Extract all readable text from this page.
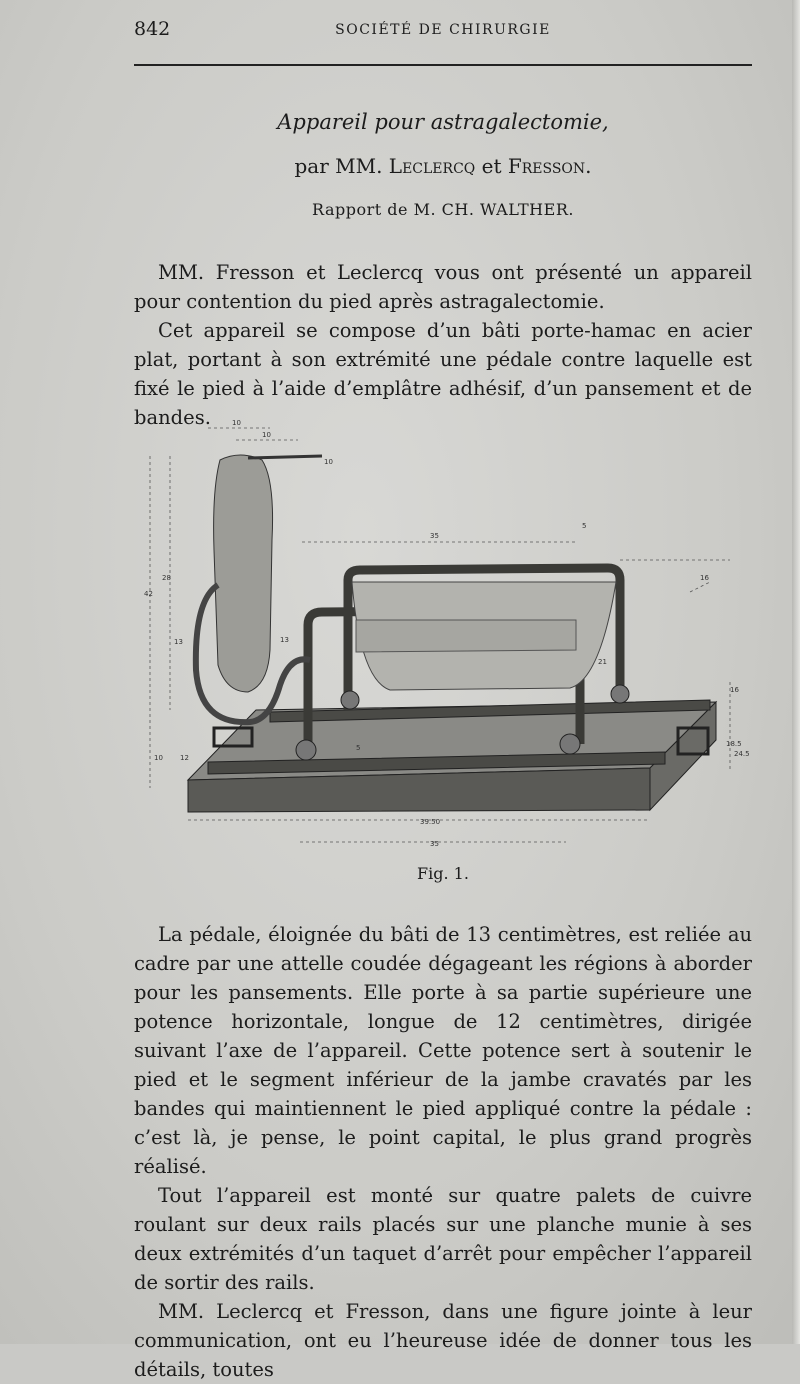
842	SOCIÉTÉ DE CHIRURGIE

Appareil pour astragalectomie,

par MM. Leclercq et Fresson.

Rapport de M. CH. WALTHER.

MM. Fresson et Leclercq vous ont présenté un appareil pour contention du pied après astragalectomie.

Cet appareil se compose d’un bâti porte-hamac en acier plat, portant à son extrémité une pédale contre laquelle est fixé le pied à l’aide d’emplâtre adhésif, d’un pansement et de bandes.	10
10
10
35
5
16
28
42
13	13
21
5
10 12
16
18.5
24.5
39.50
35
Fig. 1.

La pédale, éloignée du bâti de 13 centimètres, est reliée au cadre par une attelle coudée dégageant les régions à aborder pour les pansements. Elle porte à sa partie supérieure une potence horizontale, longue de 12 centimètres, dirigée suivant l’axe de l’appareil. Cette potence sert à soutenir le pied et le segment inférieur de la jambe cravatés par les bandes qui maintiennent le pied appliqué contre la pédale : c’est là, je pense, le point capital, le plus grand progrès réalisé.

Tout l’appareil est monté sur quatre palets de cuivre roulant sur deux rails placés sur une planche munie à ses deux extrémités d’un taquet d’arrêt pour empêcher l’appareil de sortir des rails.

MM. Leclercq et Fresson, dans une figure jointe à leur communication, ont eu l’heureuse idée de donner tous les détails, toutes
